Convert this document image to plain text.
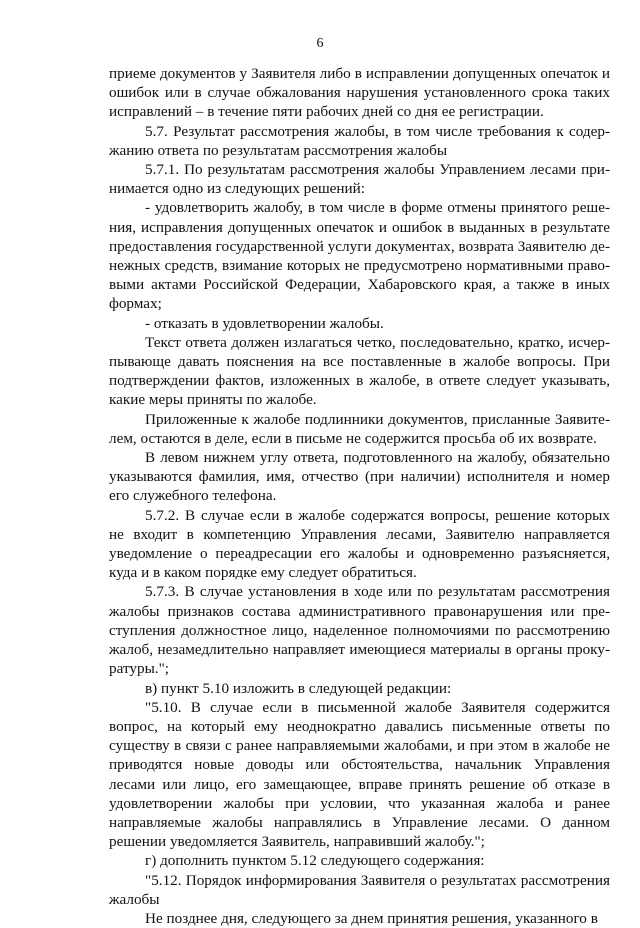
6

приеме документов у Заявителя либо в исправлении допущенных опечаток и ошибок или в случае обжалования нарушения установленного срока таких исправлений – в течение пяти рабочих дней со дня ее регистрации.

5.7. Результат рассмотрения жалобы, в том числе требования к содержанию ответа по результатам рассмотрения жалобы

5.7.1. По результатам рассмотрения жалобы Управлением лесами принимается одно из следующих решений:

- удовлетворить жалобу, в том числе в форме отмены принятого решения, исправления допущенных опечаток и ошибок в выданных в результате предоставления государственной услуги документах, возврата Заявителю денежных средств, взимание которых не предусмотрено нормативными правовыми актами Российской Федерации, Хабаровского края, а также в иных формах;

- отказать в удовлетворении жалобы.

Текст ответа должен излагаться четко, последовательно, кратко, исчерпывающе давать пояснения на все поставленные в жалобе вопросы. При подтверждении фактов, изложенных в жалобе, в ответе следует указывать, какие меры приняты по жалобе.

Приложенные к жалобе подлинники документов, присланные Заявителем, остаются в деле, если в письме не содержится просьба об их возврате.

В левом нижнем углу ответа, подготовленного на жалобу, обязательно указываются фамилия, имя, отчество (при наличии) исполнителя и номер его служебного телефона.

5.7.2. В случае если в жалобе содержатся вопросы, решение которых не входит в компетенцию Управления лесами, Заявителю направляется уведомление о переадресации его жалобы и одновременно разъясняется, куда и в каком порядке ему следует обратиться.

5.7.3. В случае установления в ходе или по результатам рассмотрения жалобы признаков состава административного правонарушения или преступления должностное лицо, наделенное полномочиями по рассмотрению жалоб, незамедлительно направляет имеющиеся материалы в органы прокуратуры.";

в) пункт 5.10 изложить в следующей редакции:

"5.10. В случае если в письменной жалобе Заявителя содержится вопрос, на который ему неоднократно давались письменные ответы по существу в связи с ранее направляемыми жалобами, и при этом в жалобе не приводятся новые доводы или обстоятельства, начальник Управления лесами или лицо, его замещающее, вправе принять решение об отказе в удовлетворении жалобы при условии, что указанная жалоба и ранее направляемые жалобы направлялись в Управление лесами. О данном решении уведомляется Заявитель, направивший жалобу.";

г) дополнить пунктом 5.12 следующего содержания:

"5.12. Порядок информирования Заявителя о результатах рассмотрения жалобы

Не позднее дня, следующего за днем принятия решения, указанного в
